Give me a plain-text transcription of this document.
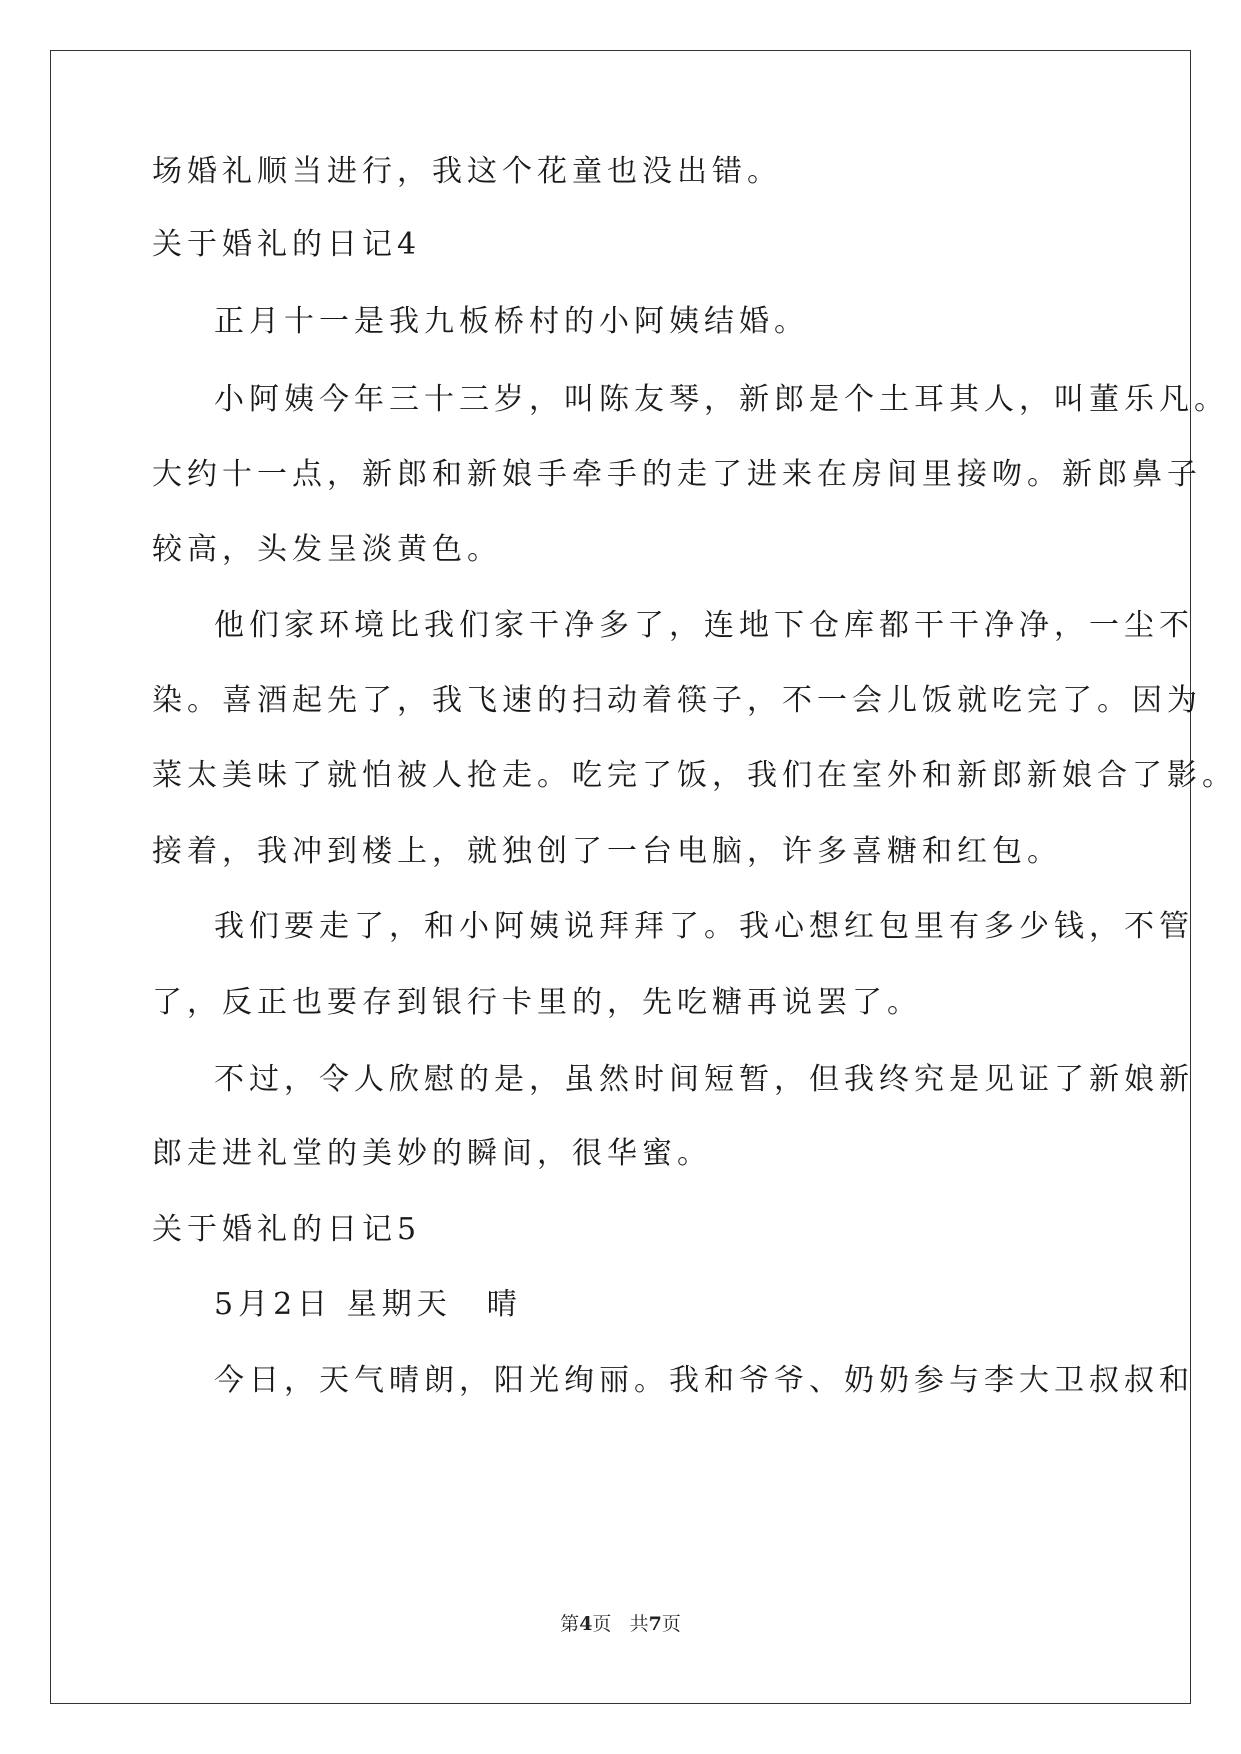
场婚礼顺当进行，我这个花童也没出错。
关于婚礼的日记4
正月十一是我九板桥村的小阿姨结婚。
小阿姨今年三十三岁，叫陈友琴，新郎是个土耳其人，叫董乐凡。
大约十一点，新郎和新娘手牵手的走了进来在房间里接吻。新郎鼻子
较高，头发呈淡黄色。
他们家环境比我们家干净多了，连地下仓库都干干净净，一尘不
染。喜酒起先了，我飞速的扫动着筷子，不一会儿饭就吃完了。因为
菜太美味了就怕被人抢走。吃完了饭，我们在室外和新郎新娘合了影。
接着，我冲到楼上，就独创了一台电脑，许多喜糖和红包。
我们要走了，和小阿姨说拜拜了。我心想红包里有多少钱，不管
了，反正也要存到银行卡里的，先吃糖再说罢了。
不过，令人欣慰的是，虽然时间短暂，但我终究是见证了新娘新
郎走进礼堂的美妙的瞬间，很华蜜。
关于婚礼的日记5
5月2日 星期天　晴
今日，天气晴朗，阳光绚丽。我和爷爷、奶奶参与李大卫叔叔和
第4页 共7页
